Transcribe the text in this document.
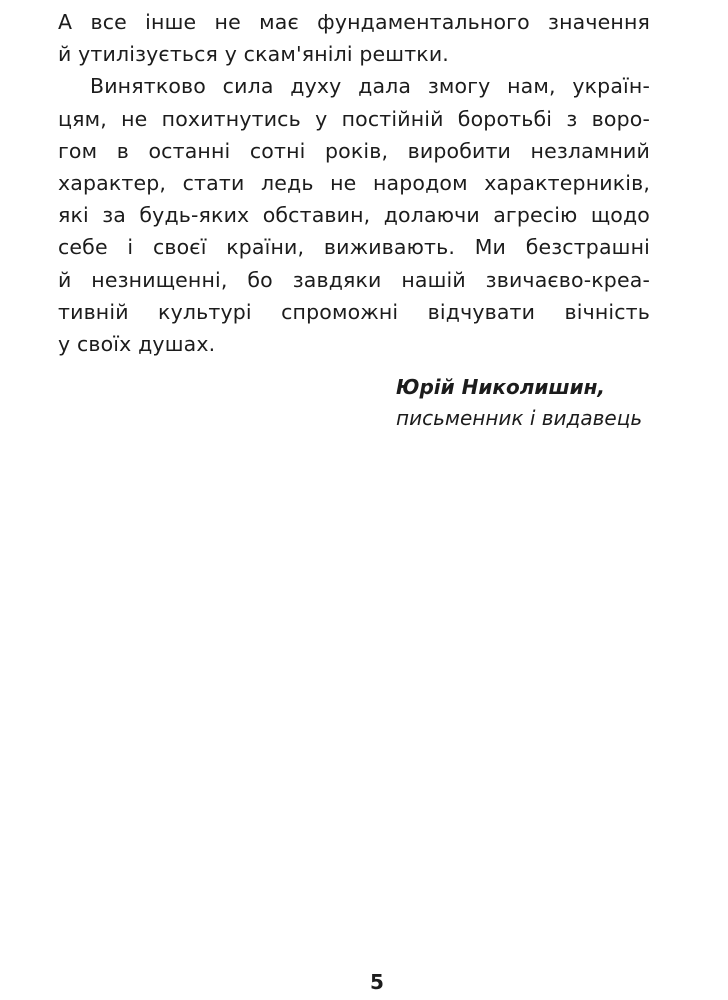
А все інше не має фундаментального значення
й утилізується у скам'янілі рештки.
Винятково сила духу дала змогу нам, україн-
цям, не похитнутись у постійній боротьбі з воро-
гом в останні сотні років, виробити незламний
характер, стати ледь не народом характерників,
які за будь-яких обставин, долаючи агресію щодо
себе і своєї країни, виживають. Ми безстрашні
й незнищенні, бо завдяки нашій звичаєво-креа-
тивній культурі спроможні відчувати вічність
у своїх душах.
Юрій Николишин,
письменник і видавець
5
